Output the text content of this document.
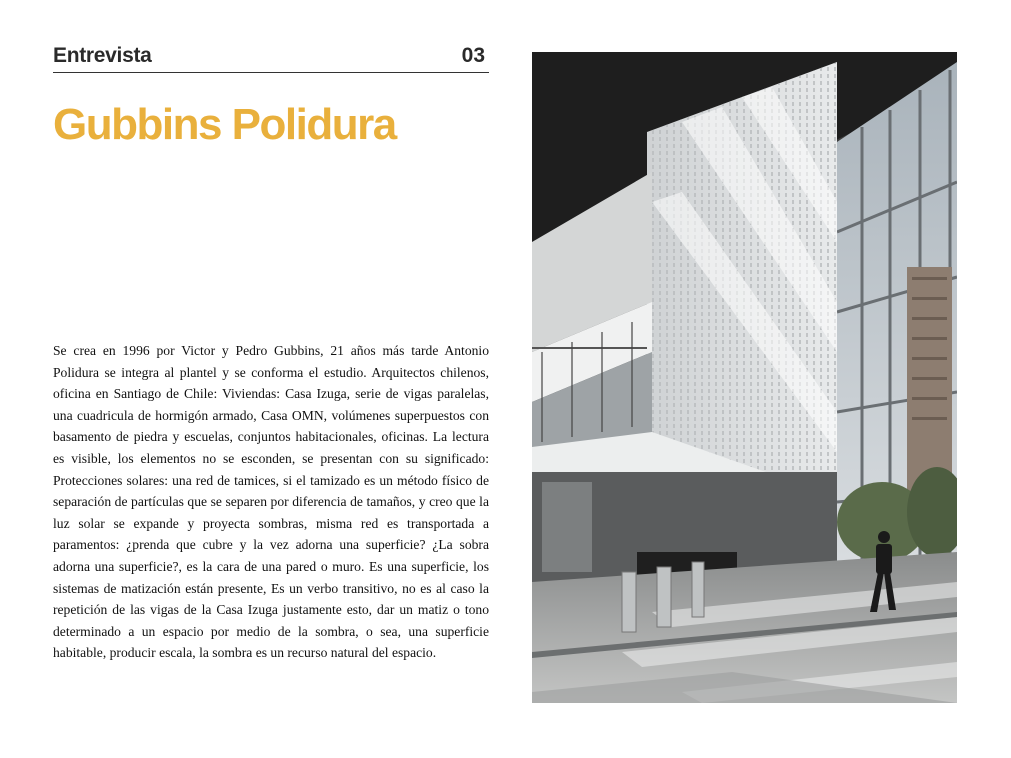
Entrevista	03
Gubbins Polidura

Se crea en 1996 por Victor y Pedro Gubbins, 21 años más tarde Antonio Polidura se integra al plantel y se conforma el estudio. Arquitectos chilenos, oficina en Santiago de Chile: Viviendas: Casa Izuga, serie de vigas paralelas, una cuadricula de hormigón armado, Casa OMN, volúmenes superpuestos con basamento de piedra y escuelas, conjuntos habitacionales, oficinas. La lectura es visible, los elementos no se esconden, se presentan con su significado: Protecciones solares: una red de tamices, si el tamizado es un método físico de separación de partículas que se separen por diferencia de tamaños, y creo que la luz solar se expande y proyecta sombras, misma red es transportada a paramentos: ¿prenda que cubre y la vez adorna una superficie? ¿La sobra adorna una superficie?, es la cara de una pared o muro. Es una superficie, los sistemas de matización están presente, Es un verbo transitivo, no es al caso la repetición de las vigas de la Casa Izuga justamente esto, dar un matiz o tono determinado a un espacio por medio de la sombra, o sea, una superficie habitable, producir escala, la sombra es un recurso natural del espacio.
